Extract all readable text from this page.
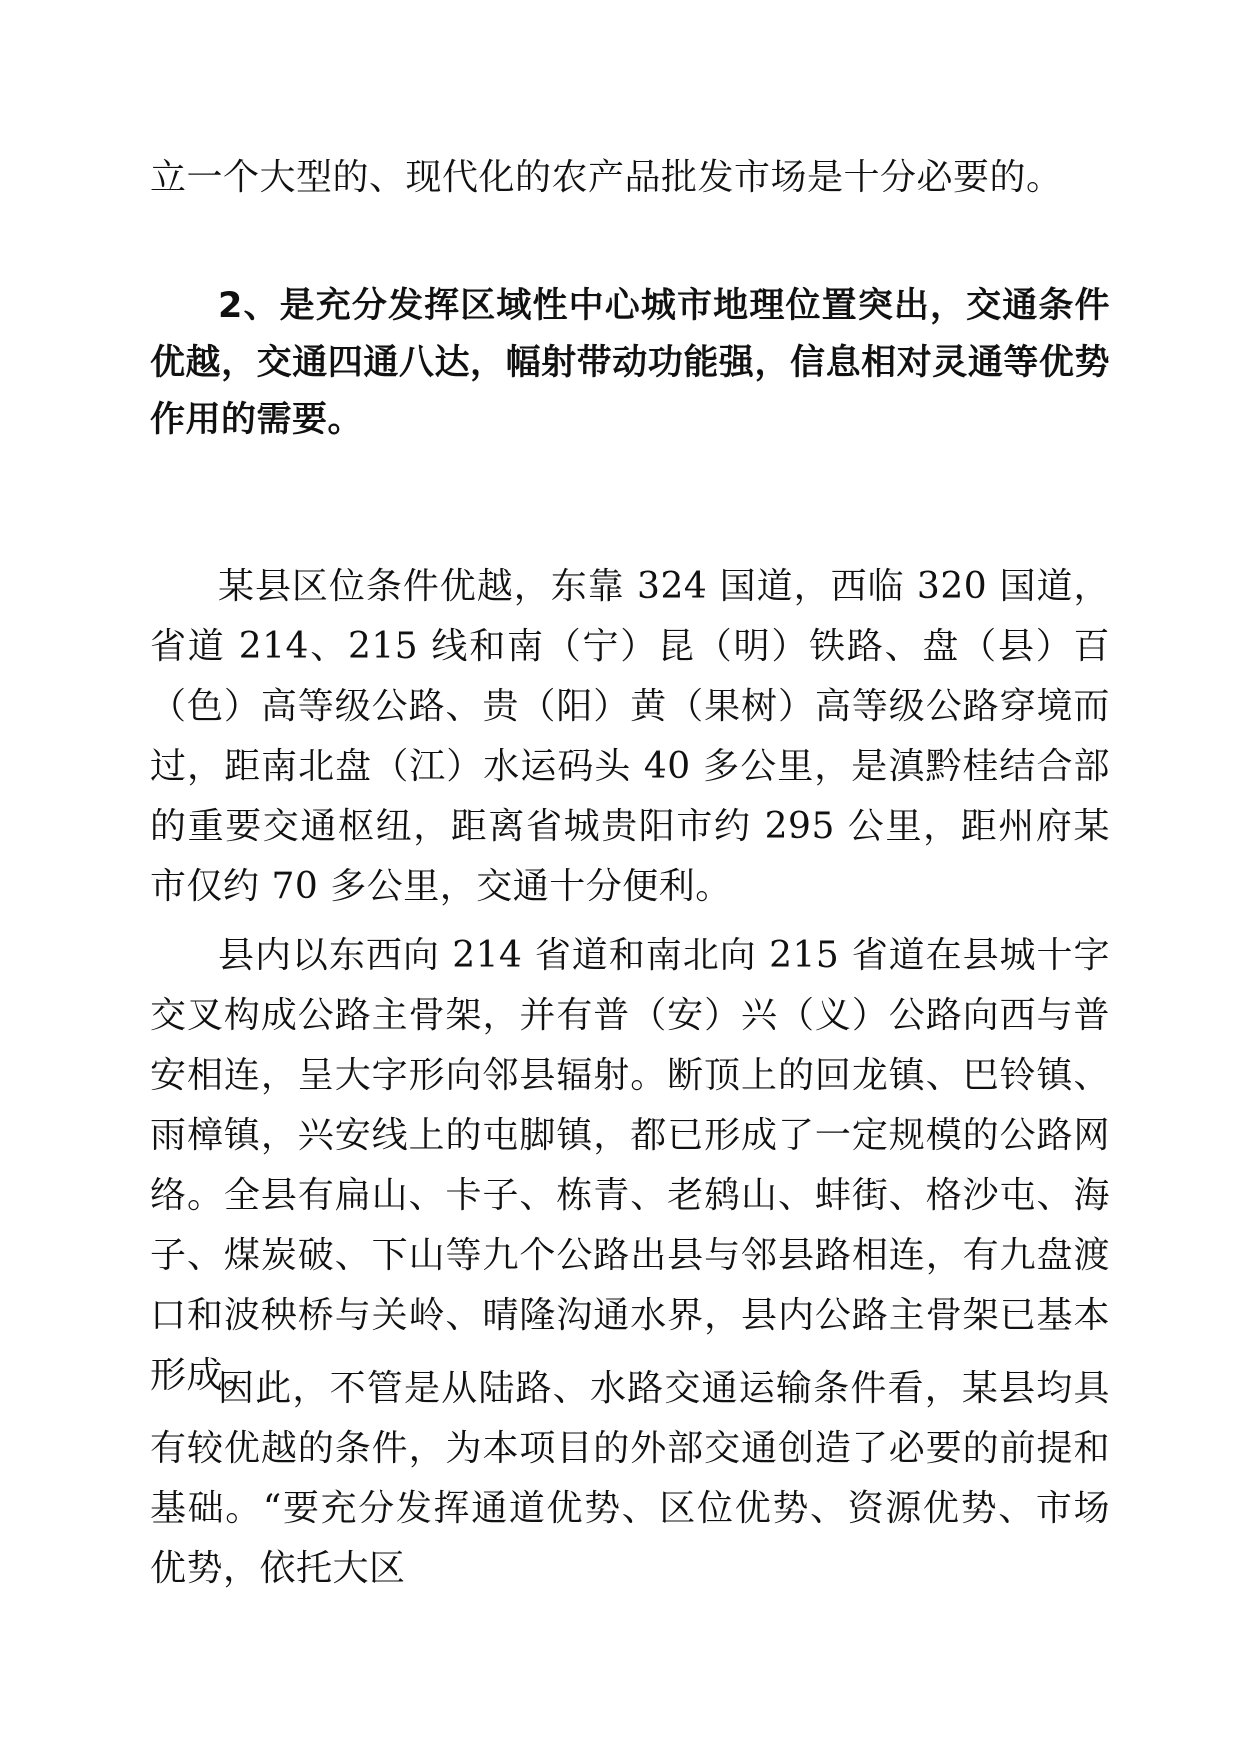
立一个大型的、现代化的农产品批发市场是十分必要的。

2、是充分发挥区域性中心城市地理位置突出，交通条件优越，交通四通八达，幅射带动功能强，信息相对灵通等优势作用的需要。

某县区位条件优越，东靠 324 国道，西临 320 国道，省道 214、215 线和南（宁）昆（明）铁路、盘（县）百（色）高等级公路、贵（阳）黄（果树）高等级公路穿境而过，距南北盘（江）水运码头 40 多公里，是滇黔桂结合部的重要交通枢纽，距离省城贵阳市约 295 公里，距州府某市仅约 70 多公里，交通十分便利。

县内以东西向 214 省道和南北向 215 省道在县城十字交叉构成公路主骨架，并有普（安）兴（义）公路向西与普安相连，呈大字形向邻县辐射。断顶上的回龙镇、巴铃镇、雨樟镇，兴安线上的屯脚镇，都已形成了一定规模的公路网络。全县有扁山、卡子、栋青、老鸫山、蚌街、格沙屯、海子、煤炭破、下山等九个公路出县与邻县路相连，有九盘渡口和波秧桥与关岭、晴隆沟通水界，县内公路主骨架已基本形成。

因此，不管是从陆路、水路交通运输条件看，某县均具有较优越的条件，为本项目的外部交通创造了必要的前提和基础。“要充分发挥通道优势、区位优势、资源优势、市场优势，依托大区
